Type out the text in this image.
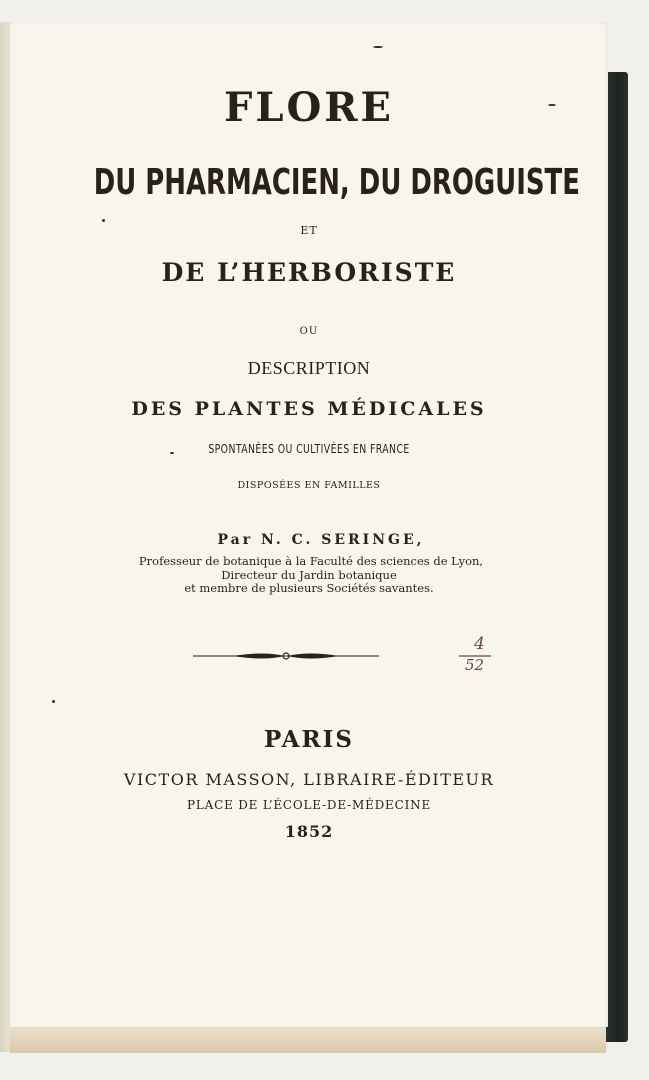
FLORE
DU PHARMACIEN, DU DROGUISTE
ET
DE L’HERBORISTE
OU
DESCRIPTION
DES PLANTES MÉDICALES
SPONTANÉES OU CULTIVÉES EN FRANCE
DISPOSÉES EN FAMILLES
Par N. C. SERINGE,
Professeur de botanique à la Faculté des sciences de Lyon,
Directeur du Jardin botanique
et membre de plusieurs Sociétés savantes.
4
52
PARIS
VICTOR MASSON, LIBRAIRE-ÉDITEUR
PLACE DE L’ÉCOLE-DE-MÉDECINE
1852
